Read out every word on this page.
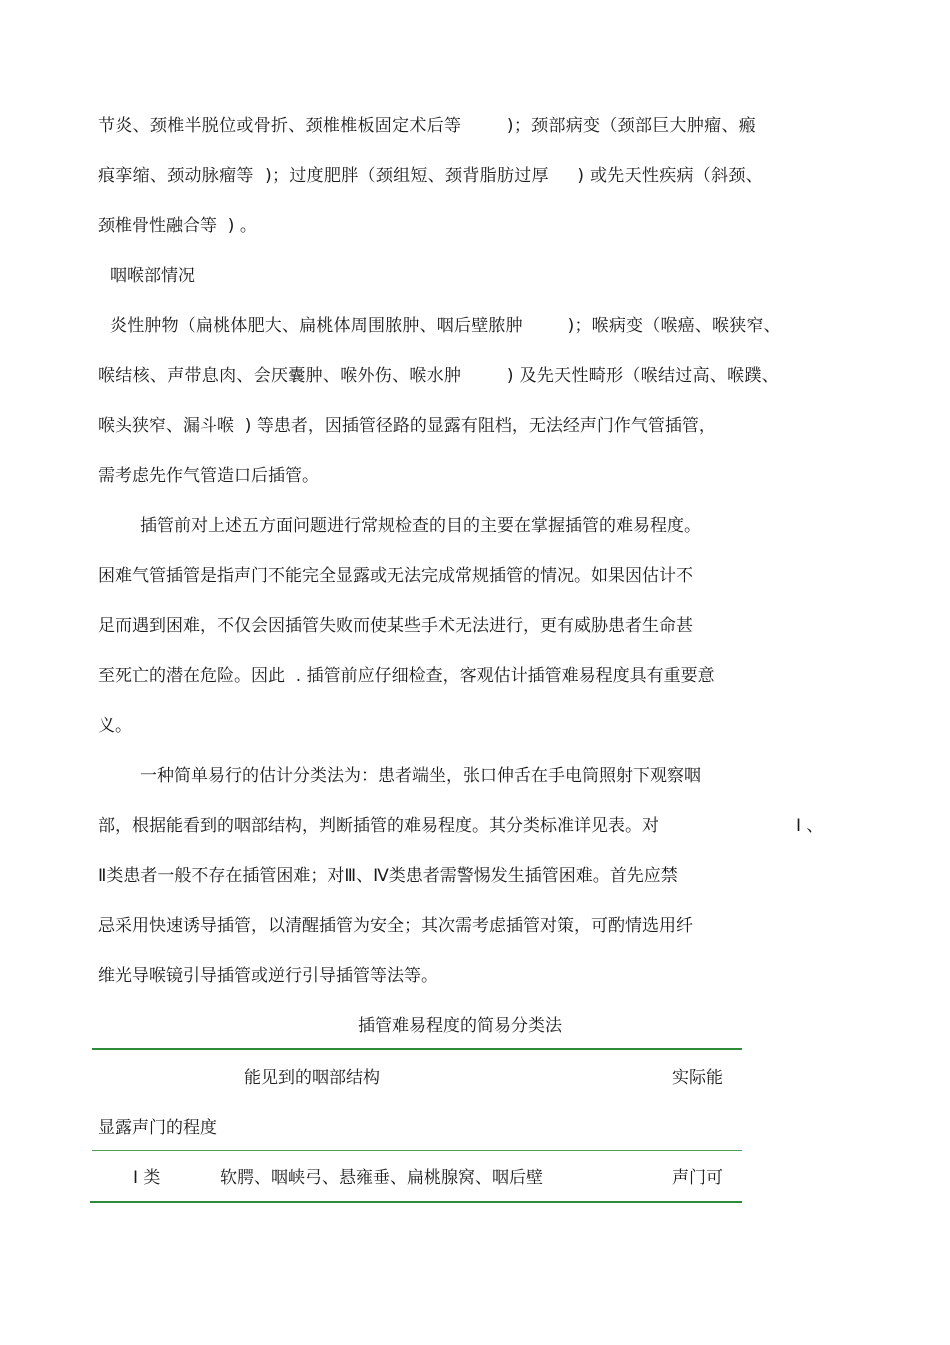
节炎、颈椎半脱位或骨折、颈椎椎板固定术后等        )；颈部病变（颈部巨大肿瘤、瘢
痕挛缩、颈动脉瘤等  )；过度肥胖（颈组短、颈背脂肪过厚     ) 或先天性疾病（斜颈、
颈椎骨性融合等  ) 。
咽喉部情况
炎性肿物（扁桃体肥大、扁桃体周围脓肿、咽后壁脓肿        )；喉病变（喉癌、喉狭窄、
喉结核、声带息肉、会厌囊肿、喉外伤、喉水肿        ) 及先天性畸形（喉结过高、喉蹼、
喉头狭窄、漏斗喉  ) 等患者，因插管径路的显露有阻档，无法经声门作气管插管，
需考虑先作气管造口后插管。
插管前对上述五方面问题进行常规检查的目的主要在掌握插管的难易程度。
困难气管插管是指声门不能完全显露或无法完成常规插管的情况。如果因估计不
足而遇到困难，不仅会因插管失败而使某些手术无法进行，更有威胁患者生命甚
至死亡的潜在危险。因此  . 插管前应仔细检查，客观估计插管难易程度具有重要意
义。
一种简单易行的估计分类法为：患者端坐，张口伸舌在手电筒照射下观察咽
部，根据能看到的咽部结构，判断插管的难易程度。其分类标准详见表。对	Ⅰ 、
Ⅱ类患者一般不存在插管困难；对Ⅲ、Ⅳ类患者需警惕发生插管困难。首先应禁
忌采用快速诱导插管，以清醒插管为安全；其次需考虑插管对策，可酌情选用纤
维光导喉镜引导插管或逆行引导插管等法等。
插管难易程度的简易分类法
能见到的咽部结构	实际能
显露声门的程度
Ⅰ 类	软腭、咽峡弓、悬雍垂、扁桃腺窝、咽后壁	声门可
